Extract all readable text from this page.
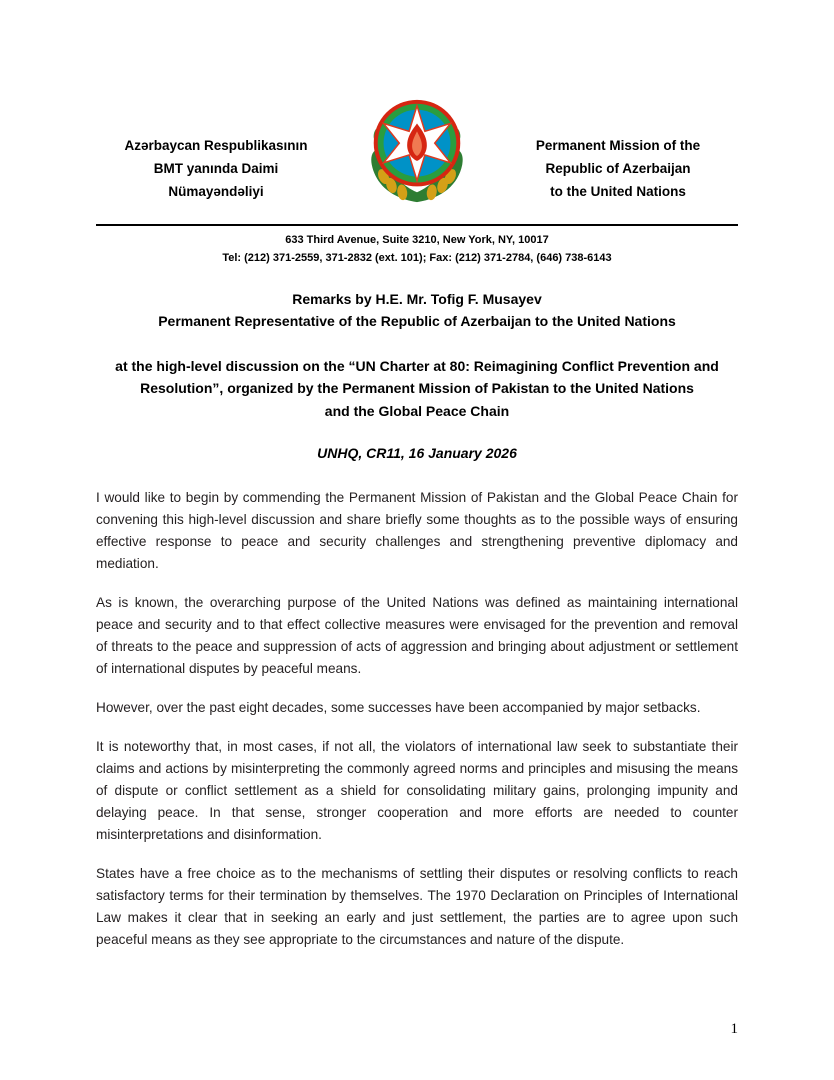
Azərbaycan Respublikasının
BMT yanında Daimi
Nümayəndəliyi
Permanent Mission of the
Republic of Azerbaijan
to the United Nations
633 Third Avenue, Suite 3210, New York, NY, 10017
Tel: (212) 371-2559, 371-2832 (ext. 101); Fax: (212) 371-2784, (646) 738-6143
Remarks by H.E. Mr. Tofig F. Musayev
Permanent Representative of the Republic of Azerbaijan to the United Nations
at the high-level discussion on the “UN Charter at 80: Reimagining Conflict Prevention and
Resolution”, organized by the Permanent Mission of Pakistan to the United Nations
and the Global Peace Chain
UNHQ, CR11, 16 January 2026

I would like to begin by commending the Permanent Mission of Pakistan and the Global Peace Chain for convening this high-level discussion and share briefly some thoughts as to the possible ways of ensuring effective response to peace and security challenges and strengthening preventive diplomacy and mediation.

As is known, the overarching purpose of the United Nations was defined as maintaining international peace and security and to that effect collective measures were envisaged for the prevention and removal of threats to the peace and suppression of acts of aggression and bringing about adjustment or settlement of international disputes by peaceful means.

However, over the past eight decades, some successes have been accompanied by major setbacks.

It is noteworthy that, in most cases, if not all, the violators of international law seek to substantiate their claims and actions by misinterpreting the commonly agreed norms and principles and misusing the means of dispute or conflict settlement as a shield for consolidating military gains, prolonging impunity and delaying peace. In that sense, stronger cooperation and more efforts are needed to counter misinterpretations and disinformation.

States have a free choice as to the mechanisms of settling their disputes or resolving conflicts to reach satisfactory terms for their termination by themselves. The 1970 Declaration on Principles of International Law makes it clear that in seeking an early and just settlement, the parties are to agree upon such peaceful means as they see appropriate to the circumstances and nature of the dispute.

1
